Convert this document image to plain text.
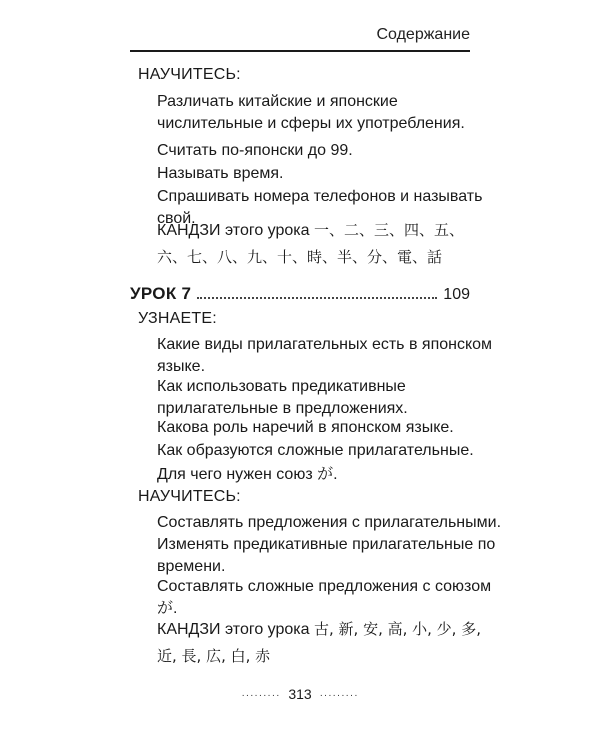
Содержание
НАУЧИТЕСЬ:
Различать китайские и японские
числительные и сферы их употребления.
Считать по-японски до 99.
Называть время.
Спрашивать номера телефонов и называть
свой.
КАНДЗИ этого урока 一、二、三、四、五、
六、七、八、九、十、時、半、分、電、話
УРОК 7	109
УЗНАЕТЕ:
Какие виды прилагательных есть в японском
языке.
Как использовать предикативные
прилагательные в предложениях.
Какова роль наречий в японском языке.
Как образуются сложные прилагательные.
Для чего нужен союз が.
НАУЧИТЕСЬ:
Составлять предложения с прилагательными.
Изменять предикативные прилагательные по
времени.
Составлять сложные предложения с союзом
が.
КАНДЗИ этого урока 古, 新, 安, 高, 小, 少, 多,
近, 長, 広, 白, 赤
········· 313 ·········
